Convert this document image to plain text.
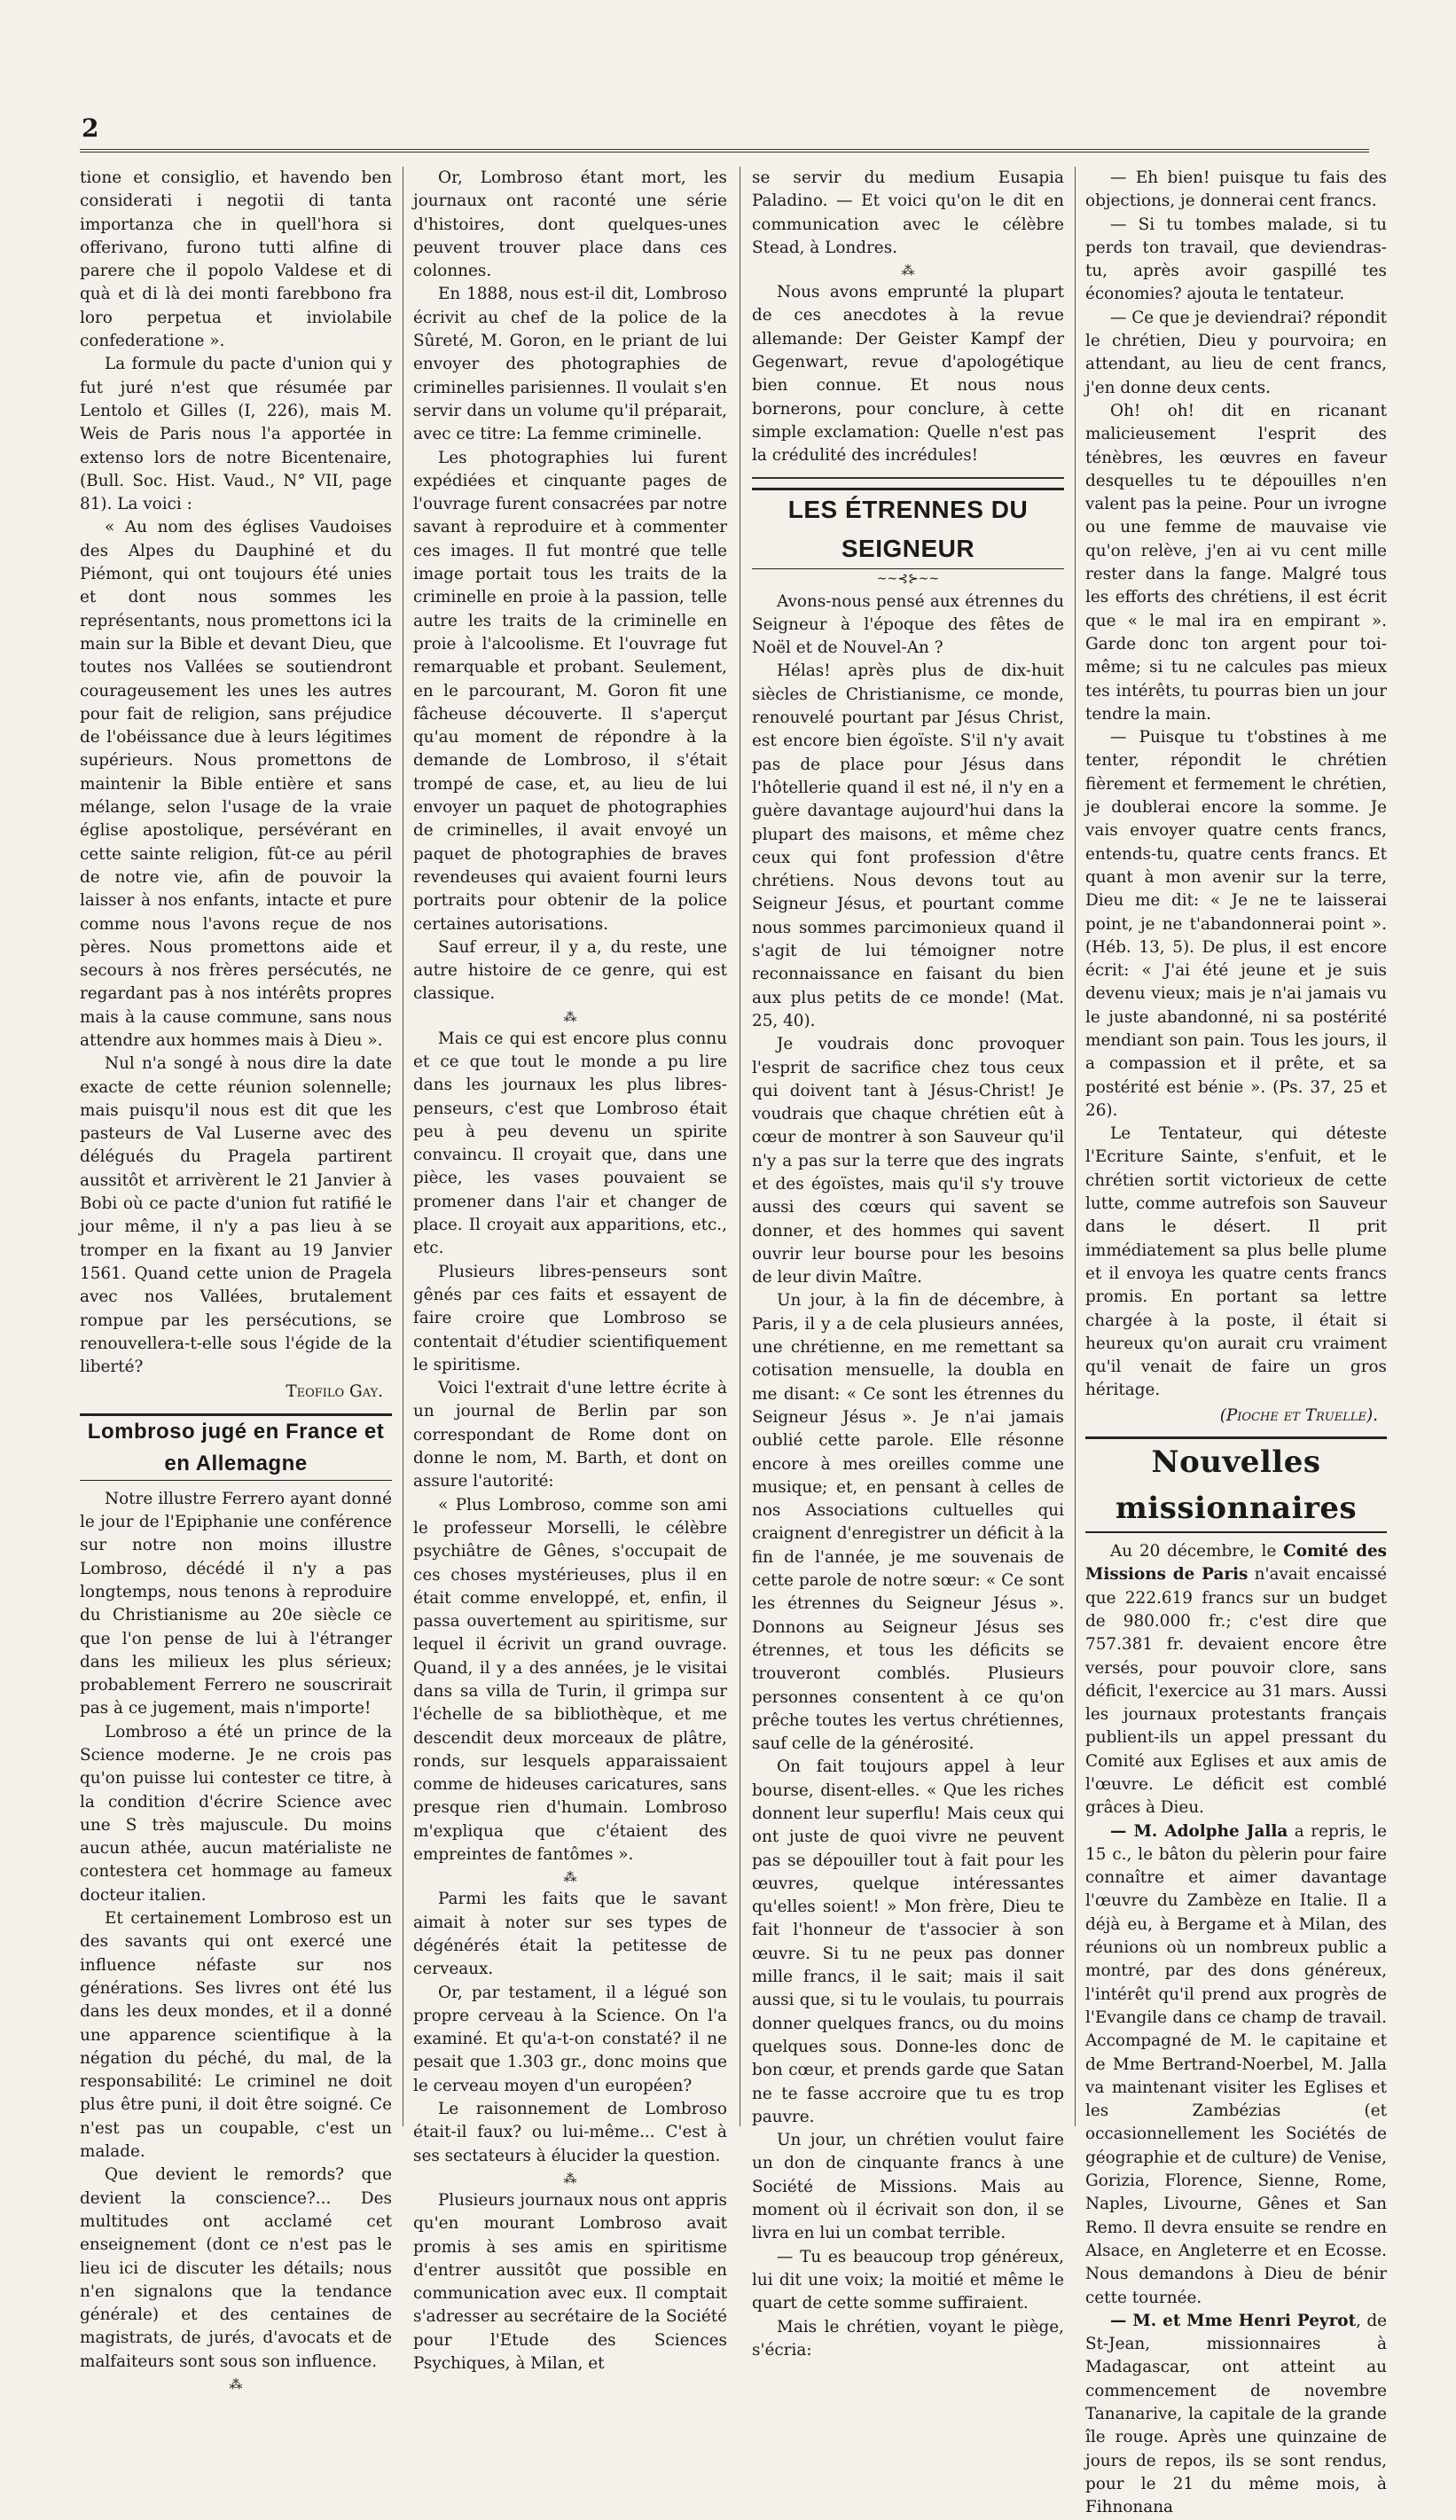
2

tione et consiglio, et havendo ben considerati i negotii di tanta importanza che in quell'hora si offerivano, furono tutti alfine di parere che il popolo Valdese et di quà et di là dei monti farebbono fra loro perpetua et inviolabile confederatione ».

La formule du pacte d'union qui y fut juré n'est que résumée par Lentolo et Gilles (I, 226), mais M. Weis de Paris nous l'a apportée in extenso lors de notre Bicentenaire, (Bull. Soc. Hist. Vaud., N° VII, page 81). La voici :

« Au nom des églises Vaudoises des Alpes du Dauphiné et du Piémont, qui ont toujours été unies et dont nous sommes les représentants, nous promettons ici la main sur la Bible et devant Dieu, que toutes nos Vallées se soutiendront courageusement les unes les autres pour fait de religion, sans préjudice de l'obéissance due à leurs légitimes supérieurs. Nous promettons de maintenir la Bible entière et sans mélange, selon l'usage de la vraie église apostolique, persévérant en cette sainte religion, fût-ce au péril de notre vie, afin de pouvoir la laisser à nos enfants, intacte et pure comme nous l'avons reçue de nos pères. Nous promettons aide et secours à nos frères persécutés, ne regardant pas à nos intérêts propres mais à la cause commune, sans nous attendre aux hommes mais à Dieu ».

Nul n'a songé à nous dire la date exacte de cette réunion solennelle; mais puisqu'il nous est dit que les pasteurs de Val Luserne avec des délégués du Pragela partirent aussitôt et arrivèrent le 21 Janvier à Bobi où ce pacte d'union fut ratifié le jour même, il n'y a pas lieu à se tromper en la fixant au 19 Janvier 1561. Quand cette union de Pragela avec nos Vallées, brutalement rompue par les persécutions, se renouvellera-t-elle sous l'égide de la liberté?

Teofilo Gay.
Lombroso jugé en France et en Allemagne

Notre illustre Ferrero ayant donné le jour de l'Epiphanie une conférence sur notre non moins illustre Lombroso, décédé il n'y a pas longtemps, nous tenons à reproduire du Christianisme au 20e siècle ce que l'on pense de lui à l'étranger dans les milieux les plus sérieux; probablement Ferrero ne souscrirait pas à ce jugement, mais n'importe!

Lombroso a été un prince de la Science moderne. Je ne crois pas qu'on puisse lui contester ce titre, à la condition d'écrire Science avec une S très majuscule. Du moins aucun athée, aucun matérialiste ne contestera cet hommage au fameux docteur italien.

Et certainement Lombroso est un des savants qui ont exercé une influence néfaste sur nos générations. Ses livres ont été lus dans les deux mondes, et il a donné une apparence scientifique à la négation du péché, du mal, de la responsabilité: Le criminel ne doit plus être puni, il doit être soigné. Ce n'est pas un coupable, c'est un malade.

Que devient le remords? que devient la conscience?... Des multitudes ont acclamé cet enseignement (dont ce n'est pas le lieu ici de discuter les détails; nous n'en signalons que la tendance générale) et des centaines de magistrats, de jurés, d'avocats et de malfaiteurs sont sous son influence.

⁂

Or, Lombroso étant mort, les journaux ont raconté une série d'histoires, dont quelques-unes peuvent trouver place dans ces colonnes.

En 1888, nous est-il dit, Lombroso écrivit au chef de la police de la Sûreté, M. Goron, en le priant de lui envoyer des photographies de criminelles parisiennes. Il voulait s'en servir dans un volume qu'il préparait, avec ce titre: La femme criminelle.

Les photographies lui furent expédiées et cinquante pages de l'ouvrage furent consacrées par notre savant à reproduire et à commenter ces images. Il fut montré que telle image portait tous les traits de la criminelle en proie à la passion, telle autre les traits de la criminelle en proie à l'alcoolisme. Et l'ouvrage fut remarquable et probant. Seulement, en le parcourant, M. Goron fit une fâcheuse découverte. Il s'aperçut qu'au moment de répondre à la demande de Lombroso, il s'était trompé de case, et, au lieu de lui envoyer un paquet de photographies de criminelles, il avait envoyé un paquet de photographies de braves revendeuses qui avaient fourni leurs portraits pour obtenir de la police certaines autorisations.

Sauf erreur, il y a, du reste, une autre histoire de ce genre, qui est classique.

⁂

Mais ce qui est encore plus connu et ce que tout le monde a pu lire dans les journaux les plus libres-penseurs, c'est que Lombroso était peu à peu devenu un spirite convaincu. Il croyait que, dans une pièce, les vases pouvaient se promener dans l'air et changer de place. Il croyait aux apparitions, etc., etc.

Plusieurs libres-penseurs sont gênés par ces faits et essayent de faire croire que Lombroso se contentait d'étudier scientifiquement le spiritisme.

Voici l'extrait d'une lettre écrite à un journal de Berlin par son correspondant de Rome dont on donne le nom, M. Barth, et dont on assure l'autorité:

« Plus Lombroso, comme son ami le professeur Morselli, le célèbre psychiâtre de Gênes, s'occupait de ces choses mystérieuses, plus il en était comme enveloppé, et, enfin, il passa ouvertement au spiritisme, sur lequel il écrivit un grand ouvrage. Quand, il y a des années, je le visitai dans sa villa de Turin, il grimpa sur l'échelle de sa bibliothèque, et me descendit deux morceaux de plâtre, ronds, sur lesquels apparaissaient comme de hideuses caricatures, sans presque rien d'humain. Lombroso m'expliqua que c'étaient des empreintes de fantômes ».

⁂

Parmi les faits que le savant aimait à noter sur ses types de dégénérés était la petitesse de cerveaux.

Or, par testament, il a légué son propre cerveau à la Science. On l'a examiné. Et qu'a-t-on constaté? il ne pesait que 1.303 gr., donc moins que le cerveau moyen d'un européen?

Le raisonnement de Lombroso était-il faux? ou lui-même... C'est à ses sectateurs à élucider la question.

⁂

Plusieurs journaux nous ont appris qu'en mourant Lombroso avait promis à ses amis en spiritisme d'entrer aussitôt que possible en communication avec eux. Il comptait s'adresser au secrétaire de la Société pour l'Etude des Sciences Psychiques, à Milan, et

se servir du medium Eusapia Paladino. — Et voici qu'on le dit en communication avec le célèbre Stead, à Londres.

⁂

Nous avons emprunté la plupart de ces anecdotes à la revue allemande: Der Geister Kampf der Gegenwart, revue d'apologétique bien connue. Et nous nous bornerons, pour conclure, à cette simple exclamation: Quelle n'est pas la crédulité des incrédules!

LES ÉTRENNES DU SEIGNEUR
~~⊰⊱~~

Avons-nous pensé aux étrennes du Seigneur à l'époque des fêtes de Noël et de Nouvel-An ?

Hélas! après plus de dix-huit siècles de Christianisme, ce monde, renouvelé pourtant par Jésus Christ, est encore bien égoïste. S'il n'y avait pas de place pour Jésus dans l'hôtellerie quand il est né, il n'y en a guère davantage aujourd'hui dans la plupart des maisons, et même chez ceux qui font profession d'être chrétiens. Nous devons tout au Seigneur Jésus, et pourtant comme nous sommes parcimonieux quand il s'agit de lui témoigner notre reconnaissance en faisant du bien aux plus petits de ce monde! (Mat. 25, 40).

Je voudrais donc provoquer l'esprit de sacrifice chez tous ceux qui doivent tant à Jésus-Christ! Je voudrais que chaque chrétien eût à cœur de montrer à son Sauveur qu'il n'y a pas sur la terre que des ingrats et des égoïstes, mais qu'il s'y trouve aussi des cœurs qui savent se donner, et des hommes qui savent ouvrir leur bourse pour les besoins de leur divin Maître.

Un jour, à la fin de décembre, à Paris, il y a de cela plusieurs années, une chrétienne, en me remettant sa cotisation mensuelle, la doubla en me disant: « Ce sont les étrennes du Seigneur Jésus ». Je n'ai jamais oublié cette parole. Elle résonne encore à mes oreilles comme une musique; et, en pensant à celles de nos Associations cultuelles qui craignent d'enregistrer un déficit à la fin de l'année, je me souvenais de cette parole de notre sœur: « Ce sont les étrennes du Seigneur Jésus ». Donnons au Seigneur Jésus ses étrennes, et tous les déficits se trouveront comblés. Plusieurs personnes consentent à ce qu'on prêche toutes les vertus chrétiennes, sauf celle de la générosité.

On fait toujours appel à leur bourse, disent-elles. « Que les riches donnent leur superflu! Mais ceux qui ont juste de quoi vivre ne peuvent pas se dépouiller tout à fait pour les œuvres, quelque intéressantes qu'elles soient! » Mon frère, Dieu te fait l'honneur de t'associer à son œuvre. Si tu ne peux pas donner mille francs, il le sait; mais il sait aussi que, si tu le voulais, tu pourrais donner quelques francs, ou du moins quelques sous. Donne-les donc de bon cœur, et prends garde que Satan ne te fasse accroire que tu es trop pauvre.

Un jour, un chrétien voulut faire un don de cinquante francs à une Société de Missions. Mais au moment où il écrivait son don, il se livra en lui un combat terrible.

— Tu es beaucoup trop généreux, lui dit une voix; la moitié et même le quart de cette somme suffiraient.

Mais le chrétien, voyant le piège, s'écria:

— Eh bien! puisque tu fais des objections, je donnerai cent francs.

— Si tu tombes malade, si tu perds ton travail, que deviendras-tu, après avoir gaspillé tes économies? ajouta le tentateur.

— Ce que je deviendrai? répondit le chrétien, Dieu y pourvoira; en attendant, au lieu de cent francs, j'en donne deux cents.

Oh! oh! dit en ricanant malicieusement l'esprit des ténèbres, les œuvres en faveur desquelles tu te dépouilles n'en valent pas la peine. Pour un ivrogne ou une femme de mauvaise vie qu'on relève, j'en ai vu cent mille rester dans la fange. Malgré tous les efforts des chrétiens, il est écrit que « le mal ira en empirant ». Garde donc ton argent pour toi-même; si tu ne calcules pas mieux tes intérêts, tu pourras bien un jour tendre la main.

— Puisque tu t'obstines à me tenter, répondit le chrétien fièrement et fermement le chrétien, je doublerai encore la somme. Je vais envoyer quatre cents francs, entends-tu, quatre cents francs. Et quant à mon avenir sur la terre, Dieu me dit: « Je ne te laisserai point, je ne t'abandonnerai point ». (Héb. 13, 5). De plus, il est encore écrit: « J'ai été jeune et je suis devenu vieux; mais je n'ai jamais vu le juste abandonné, ni sa postérité mendiant son pain. Tous les jours, il a compassion et il prête, et sa postérité est bénie ». (Ps. 37, 25 et 26).

Le Tentateur, qui déteste l'Ecriture Sainte, s'enfuit, et le chrétien sortit victorieux de cette lutte, comme autrefois son Sauveur dans le désert. Il prit immédiatement sa plus belle plume et il envoya les quatre cents francs promis. En portant sa lettre chargée à la poste, il était si heureux qu'on aurait cru vraiment qu'il venait de faire un gros héritage.

(Pioche et Truelle).
Nouvelles missionnaires

Au 20 décembre, le Comité des Missions de Paris n'avait encaissé que 222.619 francs sur un budget de 980.000 fr.; c'est dire que 757.381 fr. devaient encore être versés, pour pouvoir clore, sans déficit, l'exercice au 31 mars. Aussi les journaux protestants français publient-ils un appel pressant du Comité aux Eglises et aux amis de l'œuvre. Le déficit est comblé grâces à Dieu.

— M. Adolphe Jalla a repris, le 15 c., le bâton du pèlerin pour faire connaître et aimer davantage l'œuvre du Zambèze en Italie. Il a déjà eu, à Bergame et à Milan, des réunions où un nombreux public a montré, par des dons généreux, l'intérêt qu'il prend aux progrès de l'Evangile dans ce champ de travail. Accompagné de M. le capitaine et de Mme Bertrand-Noerbel, M. Jalla va maintenant visiter les Eglises et les Zambézias (et occasionnellement les Sociétés de géographie et de culture) de Venise, Gorizia, Florence, Sienne, Rome, Naples, Livourne, Gênes et San Remo. Il devra ensuite se rendre en Alsace, en Angleterre et en Ecosse. Nous demandons à Dieu de bénir cette tournée.

— M. et Mme Henri Peyrot, de St-Jean, missionnaires à Madagascar, ont atteint au commencement de novembre Tananarive, la capitale de la grande île rouge. Après une quinzaine de jours de repos, ils se sont rendus, pour le 21 du même mois, à Fihnonana
